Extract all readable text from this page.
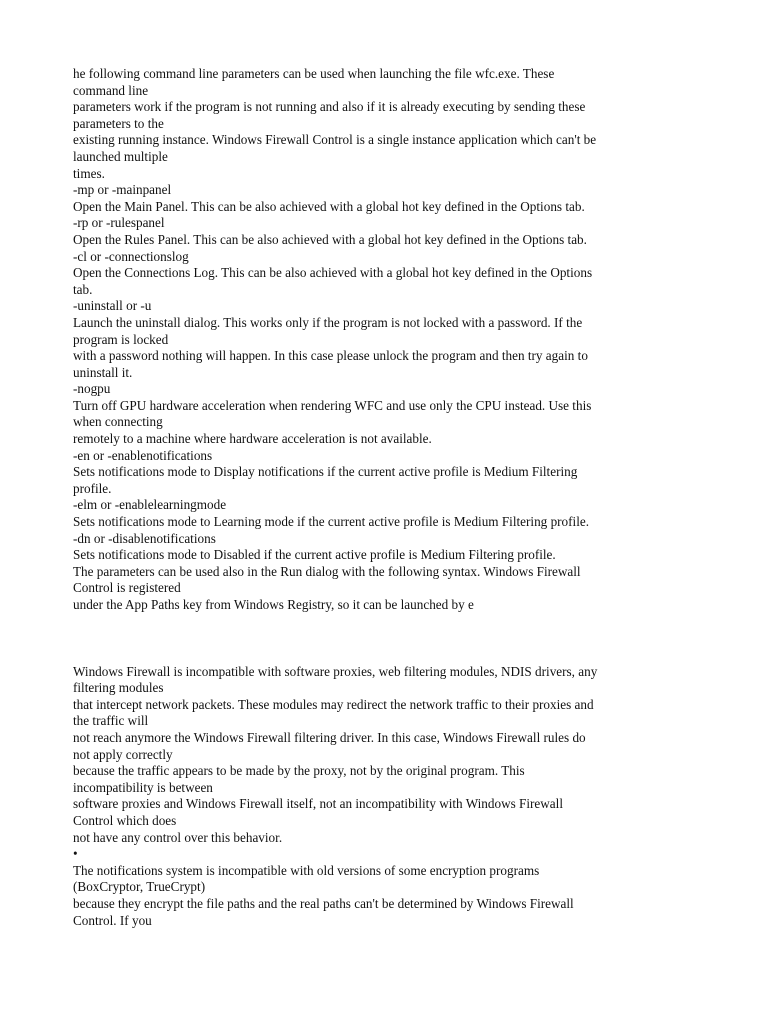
he following command line parameters can be used when launching the file wfc.exe. These

command line

parameters work if the program is not running and also if it is already executing by sending these

parameters to the

existing running instance. Windows Firewall Control is a single instance application which can't be

launched multiple

times.

-mp or -mainpanel

Open the Main Panel. This can be also achieved with a global hot key defined in the Options tab.

-rp or -rulespanel

Open the Rules Panel. This can be also achieved with a global hot key defined in the Options tab.

-cl or -connectionslog

Open the Connections Log. This can be also achieved with a global hot key defined in the Options

tab.

-uninstall or -u

Launch the uninstall dialog. This works only if the program is not locked with a password. If the

program is locked

with a password nothing will happen. In this case please unlock the program and then try again to

uninstall it.

-nogpu

Turn off GPU hardware acceleration when rendering WFC and use only the CPU instead. Use this

when connecting

remotely to a machine where hardware acceleration is not available.

-en or -enablenotifications

Sets notifications mode to Display notifications if the current active profile is Medium Filtering

profile.

-elm or -enablelearningmode

Sets notifications mode to Learning mode if the current active profile is Medium Filtering profile.

-dn or -disablenotifications

Sets notifications mode to Disabled if the current active profile is Medium Filtering profile.

The parameters can be used also in the Run dialog with the following syntax. Windows Firewall

Control is registered

under the App Paths key from Windows Registry, so it can be launched by e

Windows Firewall is incompatible with software proxies, web filtering modules, NDIS drivers, any

filtering modules

that intercept network packets. These modules may redirect the network traffic to their proxies and

the traffic will

not reach anymore the Windows Firewall filtering driver. In this case, Windows Firewall rules do

not apply correctly

because the traffic appears to be made by the proxy, not by the original program. This

incompatibility is between

software proxies and Windows Firewall itself, not an incompatibility with Windows Firewall

Control which does

not have any control over this behavior.

•

The notifications system is incompatible with old versions of some encryption programs

(BoxCryptor, TrueCrypt)

because they encrypt the file paths and the real paths can't be determined by Windows Firewall

Control. If you
